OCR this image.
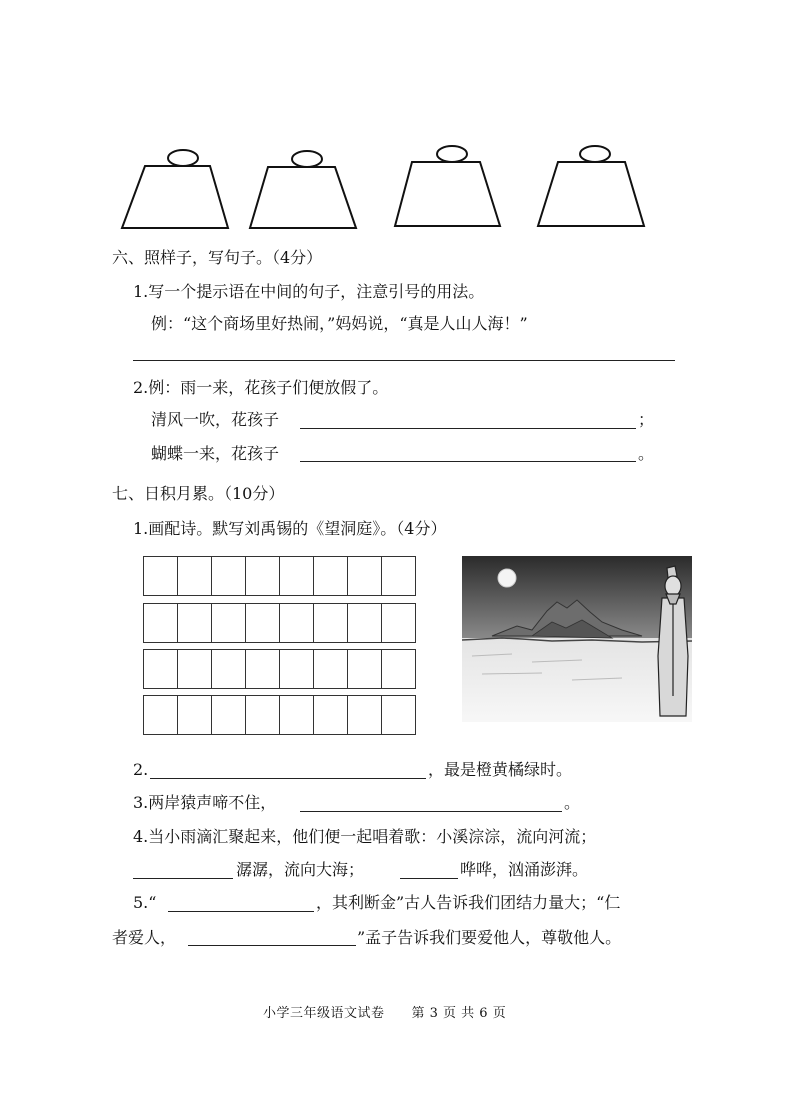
六、照样子，写句子。（4分）
1.写一个提示语在中间的句子，注意引号的用法。
例：“这个商场里好热闹，”妈妈说，“真是人山人海！”
2.例：雨一来，花孩子们便放假了。
清风一吹，花孩子	；
蝴蝶一来，花孩子	。
七、日积月累。（10分）
1.画配诗。默写刘禹锡的《望洞庭》。（4分）
2.	，最是橙黄橘绿时。
3.两岸猿声啼不住，	。
4.当小雨滴汇聚起来，他们便一起唱着歌：小溪淙淙，流向河流；
潺潺，流向大海；	哗哗，汹涌澎湃。
5.“	，其利断金”古人告诉我们团结力量大；“仁
者爱人，	”孟子告诉我们要爱他人，尊敬他人。
小学三年级语文试卷　　第 3 页 共 6 页
